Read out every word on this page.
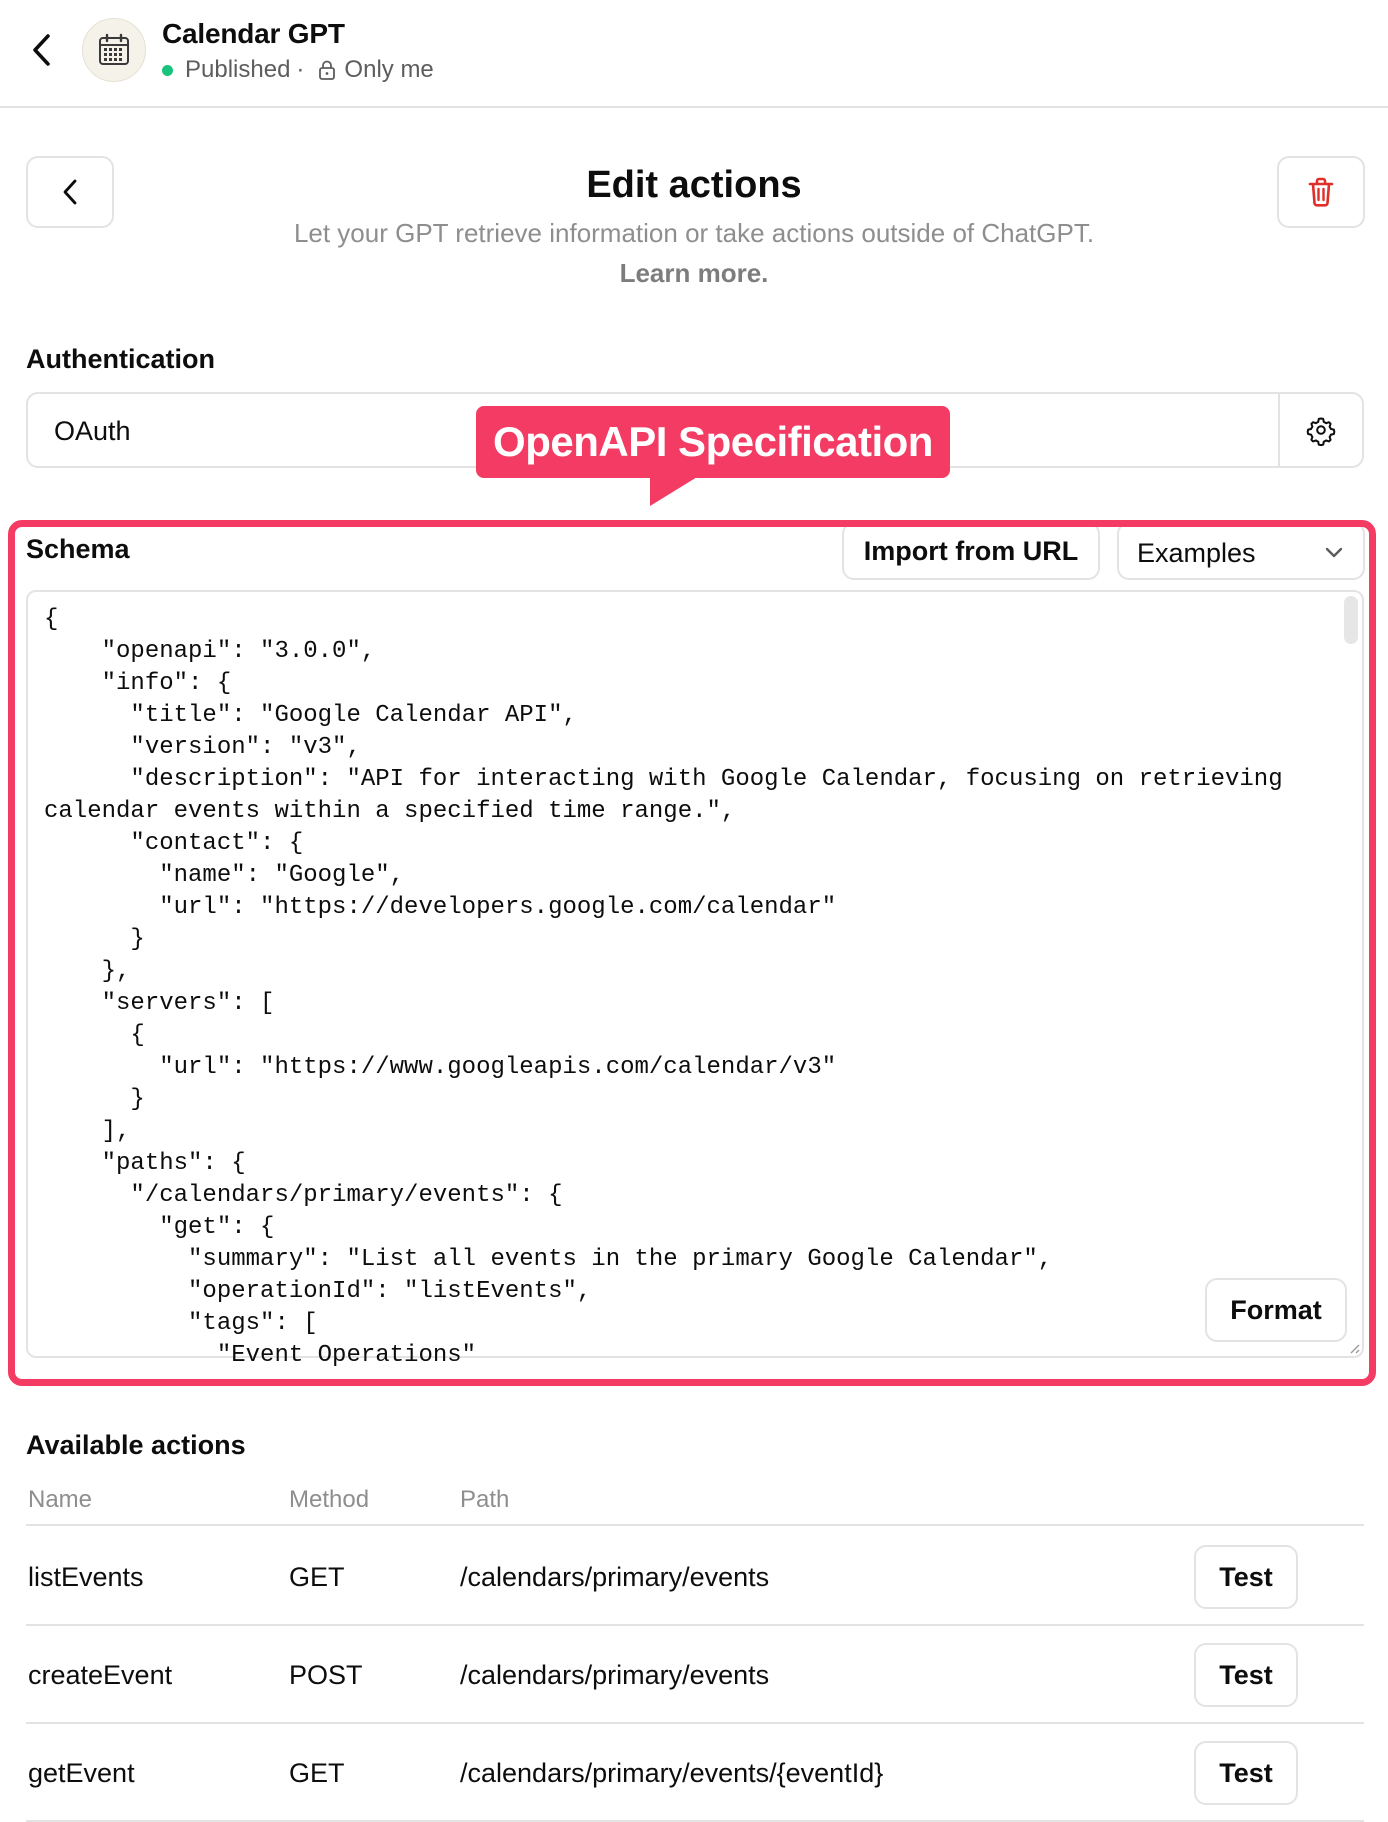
Calendar GPT
Published · Only me
Edit actions
Let your GPT retrieve information or take actions outside of ChatGPT.
Learn more.
Authentication
OAuth	OpenAPI Specification
Schema	Import from URL	Examples
{
"openapi": "3.0.0",
"info": {
"title": "Google Calendar API",
"version": "v3",
"description": "API for interacting with Google Calendar, focusing on retrieving
calendar events within a specified time range.",
"contact": {
"name": "Google",
"url": "https://developers.google.com/calendar"
}
},
"servers": [
{
"url": "https://www.googleapis.com/calendar/v3"
}
],
"paths": {
"/calendars/primary/events": {
"get": {
"summary": "List all events in the primary Google Calendar",
"operationId": "listEvents",
"tags": [
"Event Operations"
Format
Available actions
Name	Method	Path
listEvents	GET	/calendars/primary/events	Test
createEvent	POST	/calendars/primary/events	Test
getEvent	GET	/calendars/primary/events/{eventId}	Test
